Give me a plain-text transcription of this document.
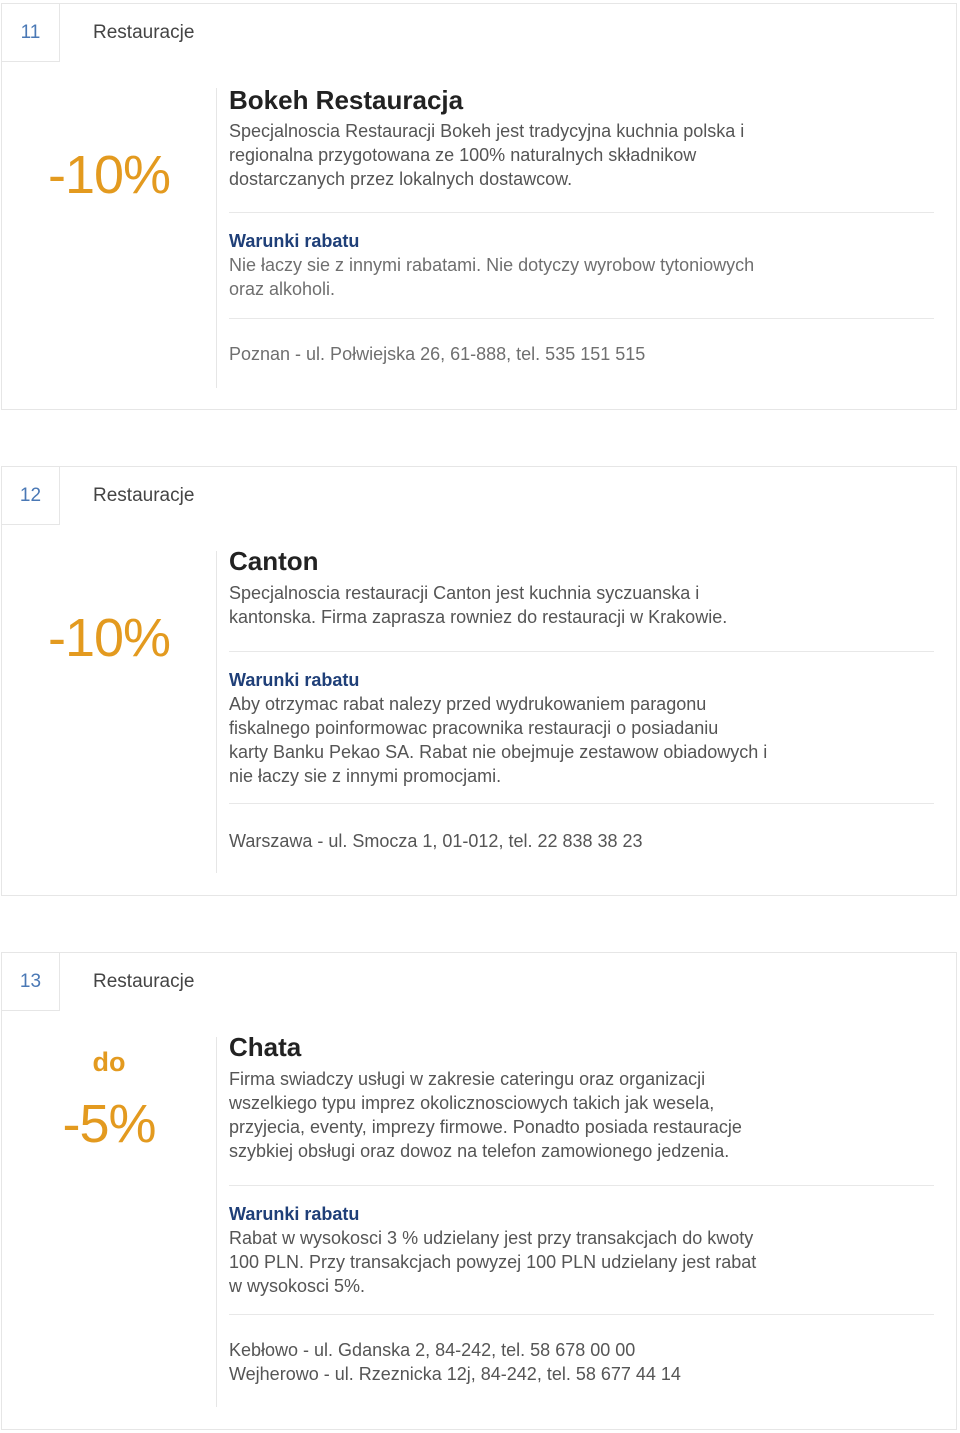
11	Restauracje
-10%
Bokeh Restauracja
Specjalnoscia Restauracji Bokeh jest tradycyjna kuchnia polska i
regionalna przygotowana ze 100% naturalnych składnikow
dostarczanych przez lokalnych dostawcow.
Warunki rabatu
Nie łaczy sie z innymi rabatami. Nie dotyczy wyrobow tytoniowych
oraz alkoholi.
Poznan - ul. Połwiejska 26, 61-888, tel. 535 151 515
12	Restauracje
-10%
Canton
Specjalnoscia restauracji Canton jest kuchnia syczuanska i
kantonska. Firma zaprasza rowniez do restauracji w Krakowie.
Warunki rabatu
Aby otrzymac rabat nalezy przed wydrukowaniem paragonu
fiskalnego poinformowac pracownika restauracji o posiadaniu
karty Banku Pekao SA. Rabat nie obejmuje zestawow obiadowych i
nie łaczy sie z innymi promocjami.
Warszawa - ul. Smocza 1, 01-012, tel. 22 838 38 23
13	Restauracje
do
-5%
Chata
Firma swiadczy usługi w zakresie cateringu oraz organizacji
wszelkiego typu imprez okolicznosciowych takich jak wesela,
przyjecia, eventy, imprezy firmowe. Ponadto posiada restauracje
szybkiej obsługi oraz dowoz na telefon zamowionego jedzenia.
Warunki rabatu
Rabat w wysokosci 3 % udzielany jest przy transakcjach do kwoty
100 PLN. Przy transakcjach powyzej 100 PLN udzielany jest rabat
w wysokosci 5%.
Kebłowo - ul. Gdanska 2, 84-242, tel. 58 678 00 00
Wejherowo - ul. Rzeznicka 12j, 84-242, tel. 58 677 44 14
